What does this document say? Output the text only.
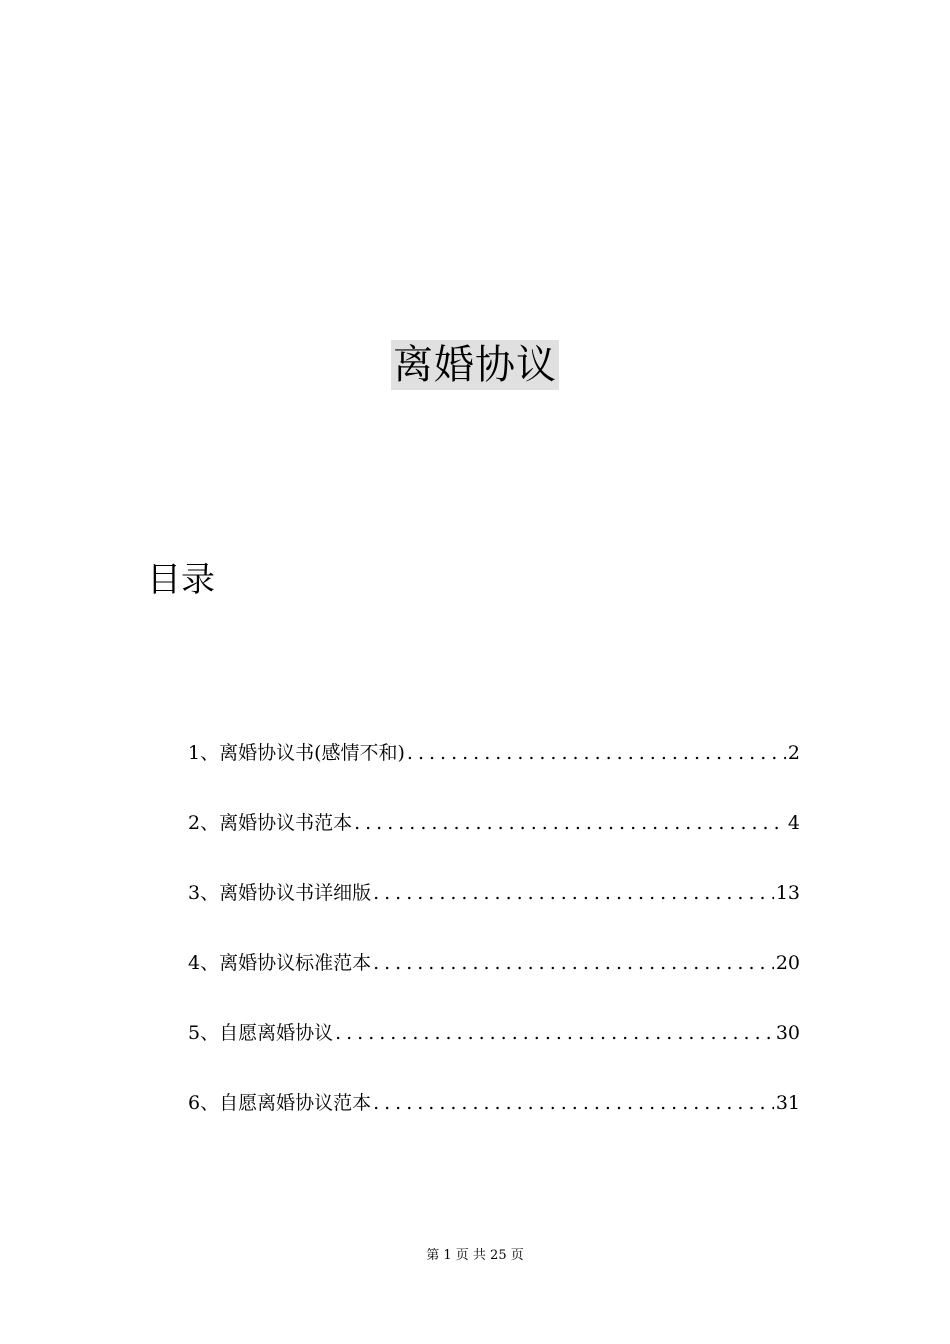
离婚协议
目录
1、离婚协议书(感情不和) .....	2
2、离婚协议书范本 .....	4
3、离婚协议书详细版 .....	13
4、离婚协议标准范本 .....	20
5、自愿离婚协议 .....	30
6、自愿离婚协议范本 .....	31
第 1 页 共 25 页
